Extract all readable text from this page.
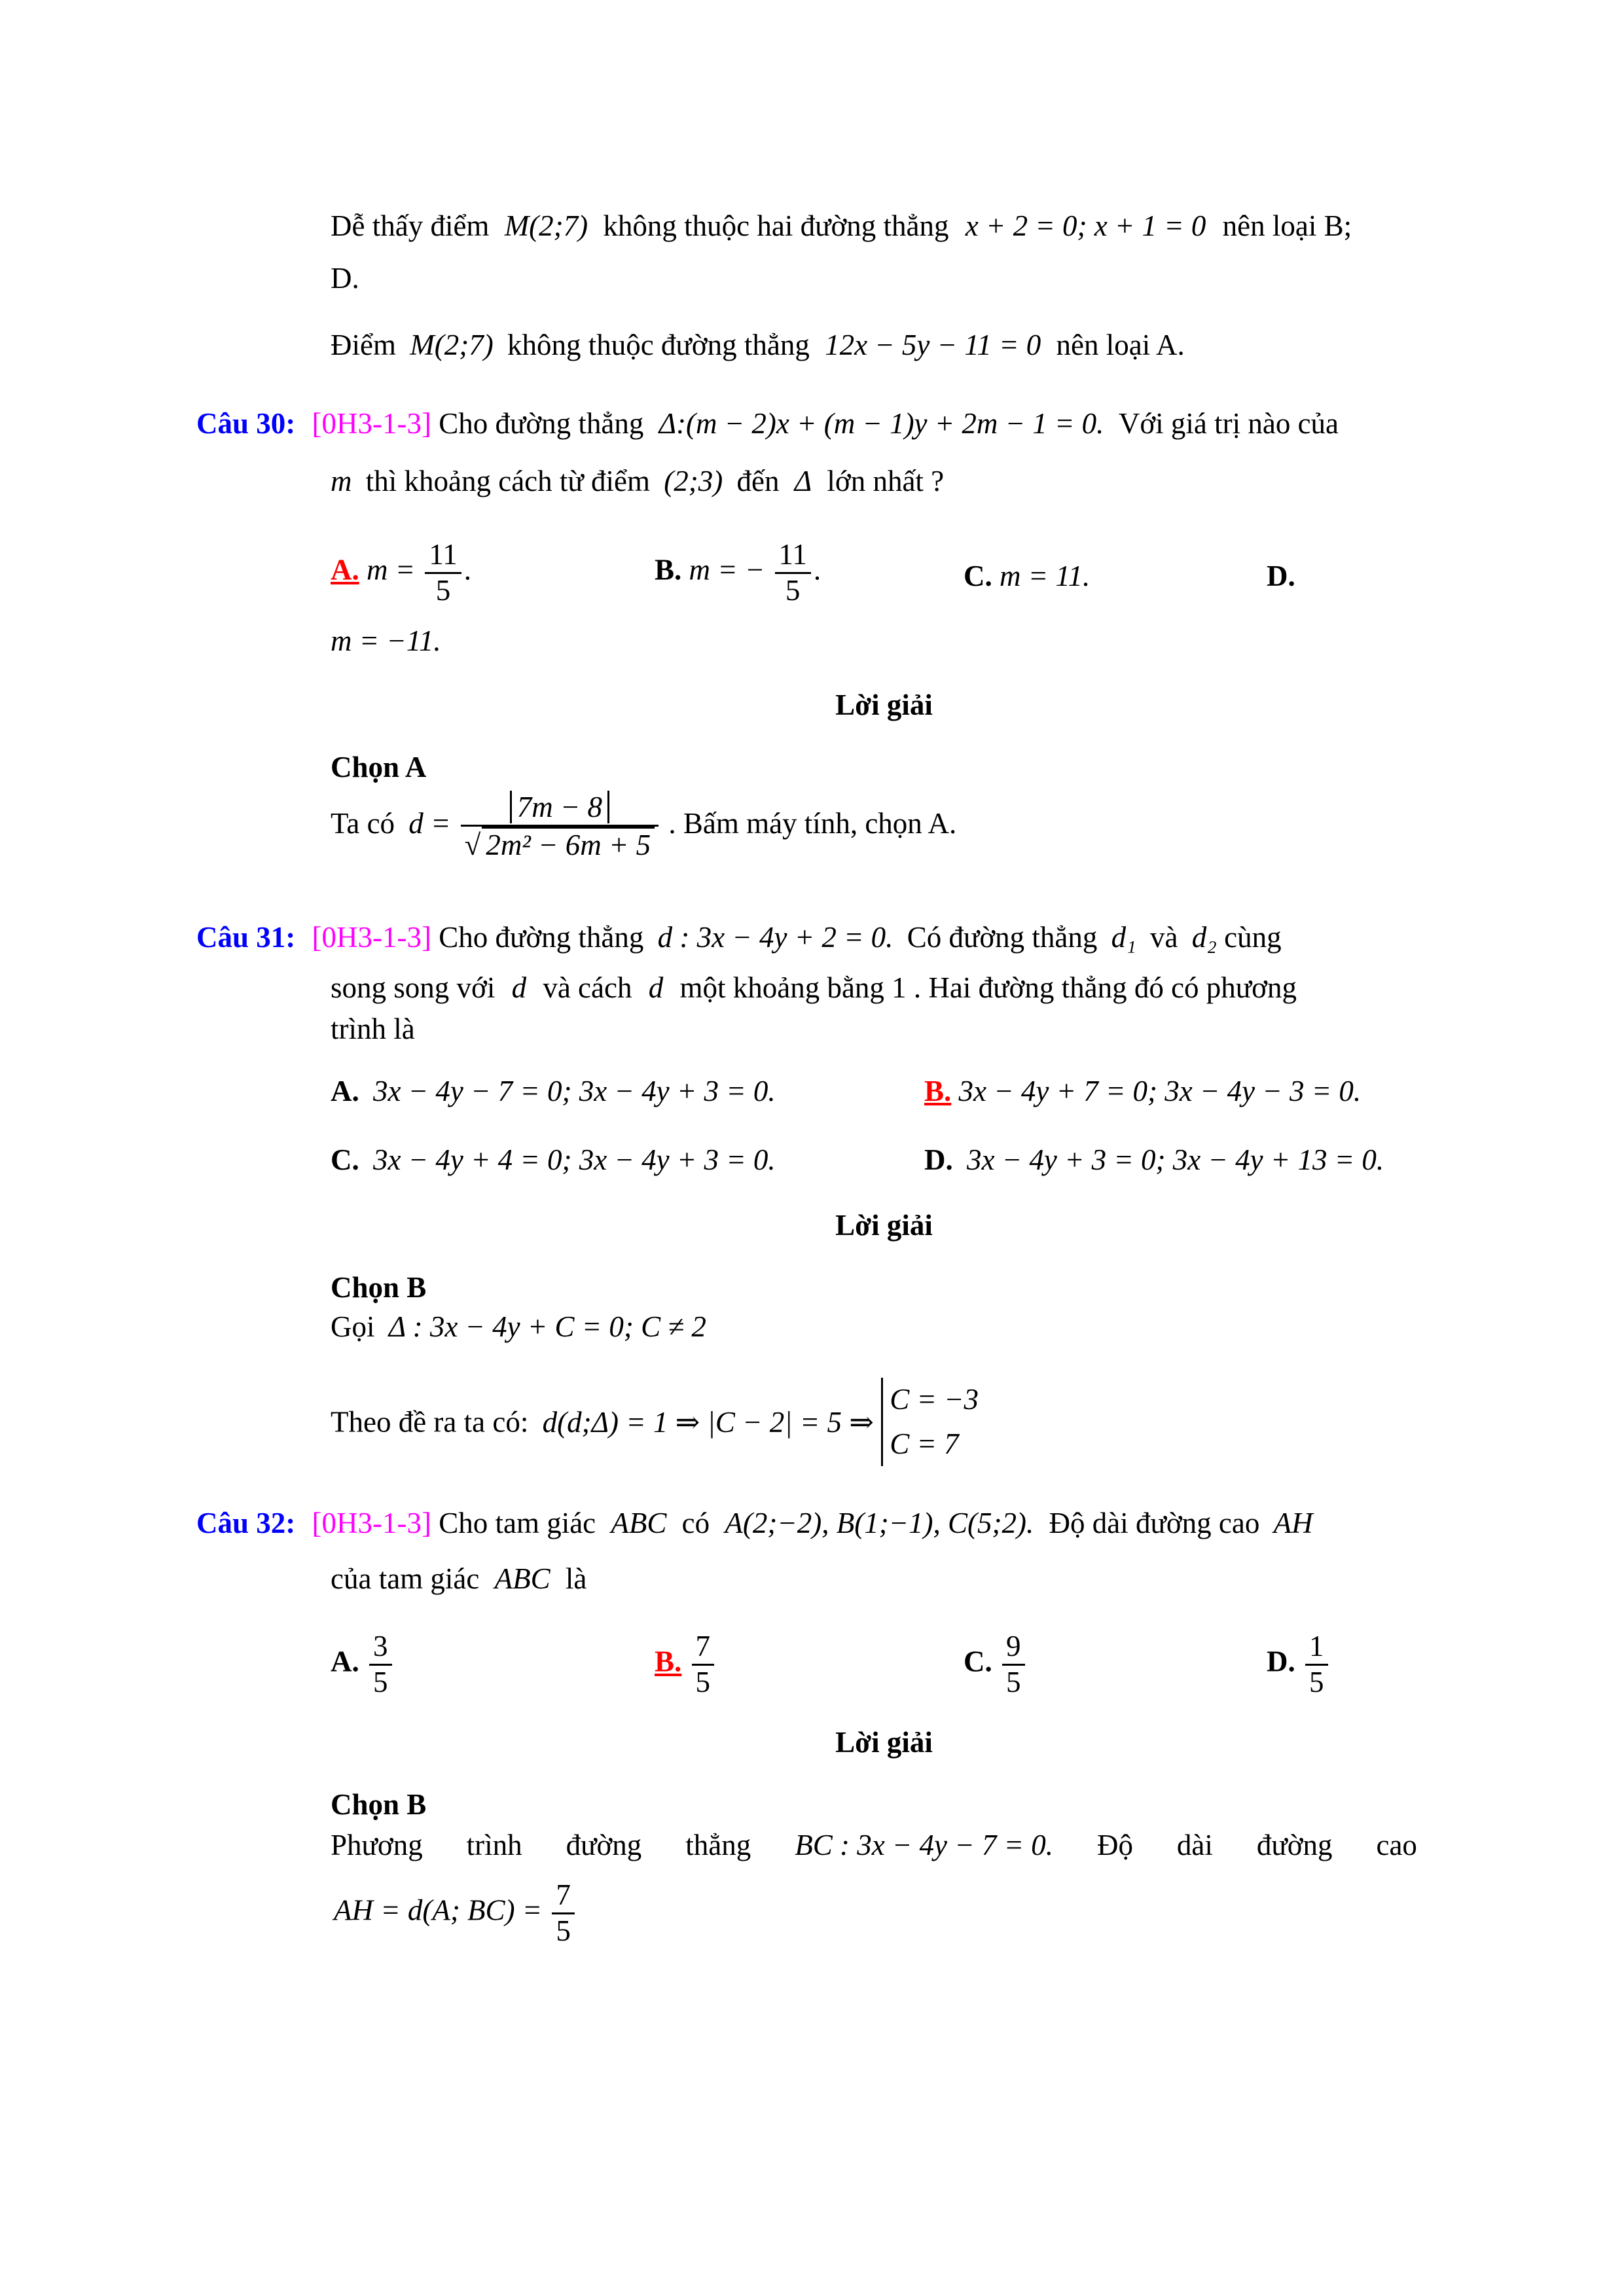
Dễ thấy điểm M(2;7) không thuộc hai đường thẳng x + 2 = 0; x + 1 = 0 nên loại B;
D.
Điểm M(2;7) không thuộc đường thẳng 12x − 5y − 11 = 0 nên loại A.
Câu 30: [0H3-1-3] Cho đường thẳng Δ:(m − 2)x + (m − 1)y + 2m − 1 = 0. Với giá trị nào của
m thì khoảng cách từ điểm (2;3) đến Δ lớn nhất ?
A. $m = \frac{11}{5}$ .	B. m = − $\frac{11}{5}$ .	C. m = 11.	D.
m = −11.
Lời giải
Chọn A
Ta có $d = \frac{7m - 8}{\text{√ 2m² − 6m + 5}}$ . Bấm máy tính, chọn A.
Câu 31: [0H3-1-3] Cho đường thẳng d : 3x − 4y + 2 = 0. Có đường thẳng d₁ và d₂ cùng
song song với d và cách d một khoảng bằng 1 . Hai đường thẳng đó có phương
trình là
A. 3x − 4y − 7 = 0; 3x − 4y + 3 = 0.	B. 3x − 4y + 7 = 0; 3x − 4y − 3 = 0.
C. 3x − 4y + 4 = 0; 3x − 4y + 3 = 0.	D. 3x − 4y + 3 = 0; 3x − 4y + 13 = 0.
Lời giải
Chọn B
Gọi Δ : 3x − 4y + C = 0; C ≠ 2
Theo đề ra ta có: d(d;Δ) = 1 ⇒ |C − 2| = 5 ⇒
C = −3
C = 7
Câu 32: [0H3-1-3] Cho tam giác ABC có A(2;−2), B(1;−1), C(5;2). Độ dài đường cao AH
của tam giác ABC là
A. $\frac{3}{5}$	B. $\frac{7}{5}$	C. $\frac{9}{5}$	D. $\frac{1}{5}$
Lời giải
Chọn B
Phương trình đường thẳng BC : 3x − 4y − 7 = 0. Độ dài đường cao
AH = d(A; $BC) = \frac{7}{5}$
